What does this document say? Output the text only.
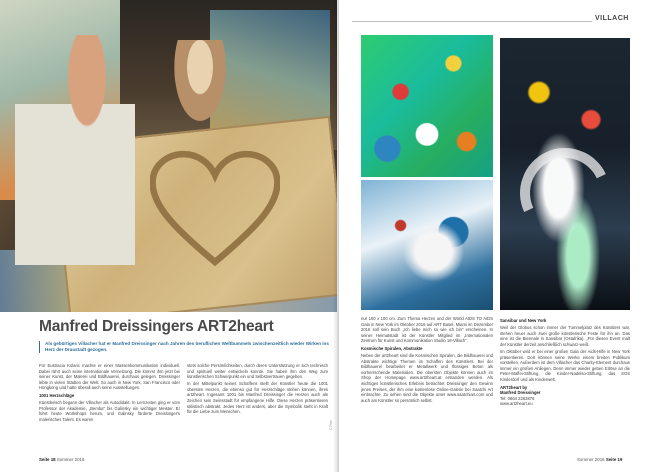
Manfred Dreissingers ART2heart
Als gebürtiges Villacher hat er Manfred Dreissinger nach Jahren des beruflichen Weltbummels zwischenzeitlich wieder Wirken ins Herz der Draustadt gezogen.

Für Eustracia Kolaric machte er einer Massenkommunikation individuell. Dabei rührt auch seine internationale Vernetzung. Die kommt ihm jetzt bei seiner Kunst, der Malerei und Bildhauerei, durchaus gelegen. Dreissinger lebte in vielen Städten der Welt. So auch in New York, San Francisco oder Hongkong und hatte überall auch seine Ausstellungen.

1001 Herzschläge

Künstlerisch begann der Villacher als Autodidakt. In Lernzeiten ging er vom Professor der Akademie, „Bemba" bis Galinsky ein wichtiger Meister. Er führt heute Workshops herum, und Galinsky förderte Dreissinger's malerisches Talent. Es waren

stets solche Persönlichkeiten, durch deren Unterstützung er sich technisch und spirituell weiter entwickeln konnte. Sie haben ihm den Weg zum künstlerischen Schwerpunkt ein und Selbstvertrauen gegeben.

In der Mittelpunkt seines Schaffens stellt der Künstler heute die 1001 obersten Herzen, die ebenso gut für Herzschläge stehen können, ihres art2heart. Ingesamt 1001 bis Manfred Dreissinger die Herzen auch als Zeichen sein Seinsstadt für empfangene Hilfe. Diese Herzen präsentieren stilistisch abstrakt. Jedes Herz ist anders, aber die Symbolik steht in Kraft für die Liebe zum Menschen.

Seite 18 Sommer 2016
© Foto
VILLACH

nur 100 x 100 cm. Zum Thema Herzen und der World AIDS TO AIDS Gala in New York im Oktober 2016 auf ART Basel, Miami im Dezember 2016 soll sein Buch „Ich liebe mich so wie ich bin" erscheinen. In seiner Heimatstadt ist der Künstler Mitglied im „Internationalen Zentrum für Kunst und Kommunikation Studio 18-Villach".

Kosmische Spiralen, Abstrakte

Neben der art2heart sind die Kosmischen Spiralen, die Bildhauerei und Abstrakte wichtige Themen im Schaffen des Künstlers. Bei der Bildhauerei bearbeitet er Metallwerk und flüssiges Beton als vorherrschende Materialien. Die obersten Objekte können auch im Shop der Homepage www.art2heart.at erstanden werden. Als wichtiges künstlerisches Erlebnis betrachtet Dreissinger den Gewinn jenes Preises, der ihm eine kostenlose Online-Galerie bei Saatchi Art einbrachte. Zu sehen sind die Objekte unter www.saatchiart.com und auch am Künstler so persönlich selbst.

Sansibar und New York

Weil der Globus schon immer der Tummelplatz des Künstlers war, stehen heuer auch zwei große künstlerische Feste für ihn an. Das eine ist die Biennale in Sansibar (Ostafrika). „Für diesen Event malt der Künstler derzeit anschließlich schwarz-weiß.

Im Oktober wird er bei einer großen Gala der Aids-Hilfe in New York präsentieren. Dort können seine Werke einem breiten Publikum vorstellen. Außerdem ist dem Villacher das Charity-Element durchaus immer ein großes Anliegen. Denn immer wieder geben Erlöse an die Peter-Maffei-Stiftung, die Kinder-Nadelso-Stiftung, das SOS Kinderdorf und als Kinderwelt.

ART2heart by
Manfred Dreissinger
Tel: 0664 2263876
www.art2heart.eu
Sommer 2016 Seite 19
